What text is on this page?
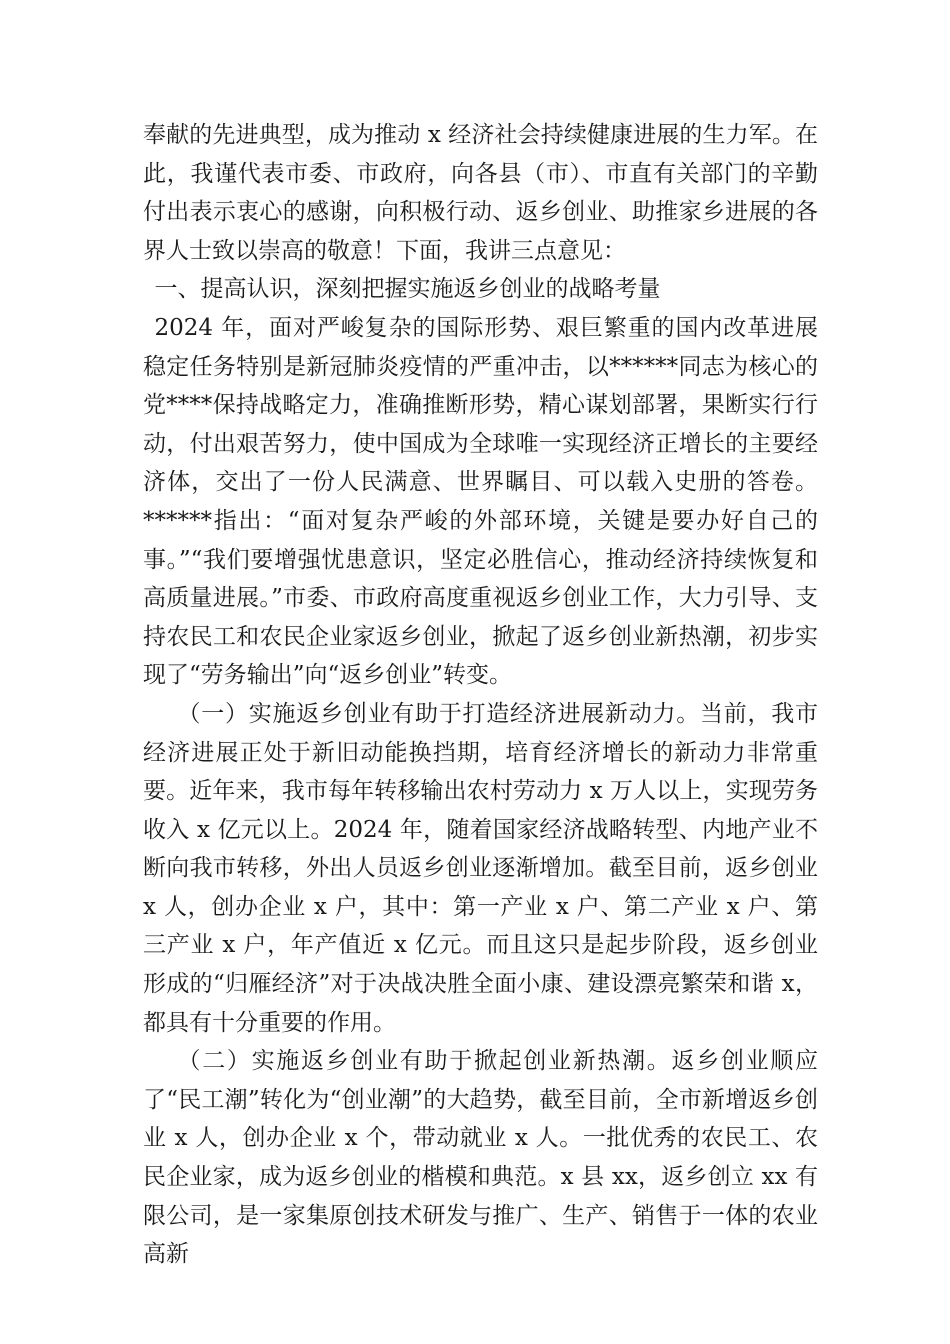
奉献的先进典型，成为推动 x 经济社会持续健康进展的生力军。在此，我谨代表市委、市政府，向各县（市）、市直有关部门的辛勤付出表示衷心的感谢，向积极行动、返乡创业、助推家乡进展的各界人士致以崇高的敬意！下面，我讲三点意见：

一、提高认识，深刻把握实施返乡创业的战略考量

2024 年，面对严峻复杂的国际形势、艰巨繁重的国内改革进展稳定任务特别是新冠肺炎疫情的严重冲击，以******同志为核心的党****保持战略定力，准确推断形势，精心谋划部署，果断实行行动，付出艰苦努力，使中国成为全球唯一实现经济正增长的主要经济体，交出了一份人民满意、世界瞩目、可以载入史册的答卷。******指出：“面对复杂严峻的外部环境，关键是要办好自己的事。”“我们要增强忧患意识，坚定必胜信心，推动经济持续恢复和高质量进展。”市委、市政府高度重视返乡创业工作，大力引导、支持农民工和农民企业家返乡创业，掀起了返乡创业新热潮，初步实现了“劳务输出”向“返乡创业”转变。

（一）实施返乡创业有助于打造经济进展新动力。当前，我市经济进展正处于新旧动能换挡期，培育经济增长的新动力非常重要。近年来，我市每年转移输出农村劳动力 x 万人以上，实现劳务收入 x 亿元以上。2024 年，随着国家经济战略转型、内地产业不断向我市转移，外出人员返乡创业逐渐增加。截至目前，返乡创业 x 人，创办企业 x 户，其中：第一产业 x 户、第二产业 x 户、第三产业 x 户，年产值近 x 亿元。而且这只是起步阶段，返乡创业形成的“归雁经济”对于决战决胜全面小康、建设漂亮繁荣和谐 x，都具有十分重要的作用。

（二）实施返乡创业有助于掀起创业新热潮。返乡创业顺应了“民工潮”转化为“创业潮”的大趋势，截至目前，全市新增返乡创业 x 人，创办企业 x 个，带动就业 x 人。一批优秀的农民工、农民企业家，成为返乡创业的楷模和典范。x 县 xx，返乡创立 xx 有限公司，是一家集原创技术研发与推广、生产、销售于一体的农业高新
